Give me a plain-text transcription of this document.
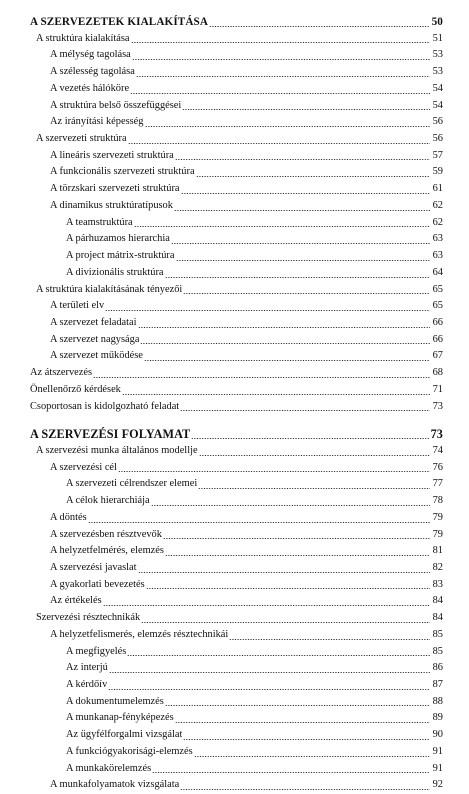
A SZERVEZETEK KIALAKÍTÁSA	50
A struktúra kialakítása	51
A mélység tagolása	53
A szélesség tagolása	53
A vezetés hálóköre	54
A struktúra belső összefüggései	54
Az irányítási képesség	56
A szervezeti struktúra	56
A lineáris szervezeti struktúra	57
A funkcionális szervezeti struktúra	59
A törzskari szervezeti struktúra	61
A dinamikus struktúratípusok	62
A teamstruktúra	62
A párhuzamos hierarchia	63
A project mátrix-struktúra	63
A divizionális struktúra	64
A struktúra kialakításának tényezői	65
A területi elv	65
A szervezet feladatai	66
A szervezet nagysága	66
A szervezet működése	67
Az átszervezés	68
Önellenőrző kérdések	71
Csoportosan is kidolgozható feladat	73
A SZERVEZÉSI FOLYAMAT	73
A szervezési munka általános modellje	74
A szervezési cél	76
A szervezeti célrendszer elemei	77
A célok hierarchiája	78
A döntés	79
A szervezésben résztvevők	79
A helyzetfelmérés, elemzés	81
A szervezési javaslat	82
A gyakorlati bevezetés	83
Az értékelés	84
Szervezési résztechnikák	84
A helyzetfelismerés, elemzés résztechnikái	85
A megfigyelés	85
Az interjú	86
A kérdőív	87
A dokumentumelemzés	88
A munkanap-fényképezés	89
Az ügyfélforgalmi vizsgálat	90
A funkciógyakorisági-elemzés	91
A munkakörelemzés	91
A munkafolyamatok vizsgálata	92
